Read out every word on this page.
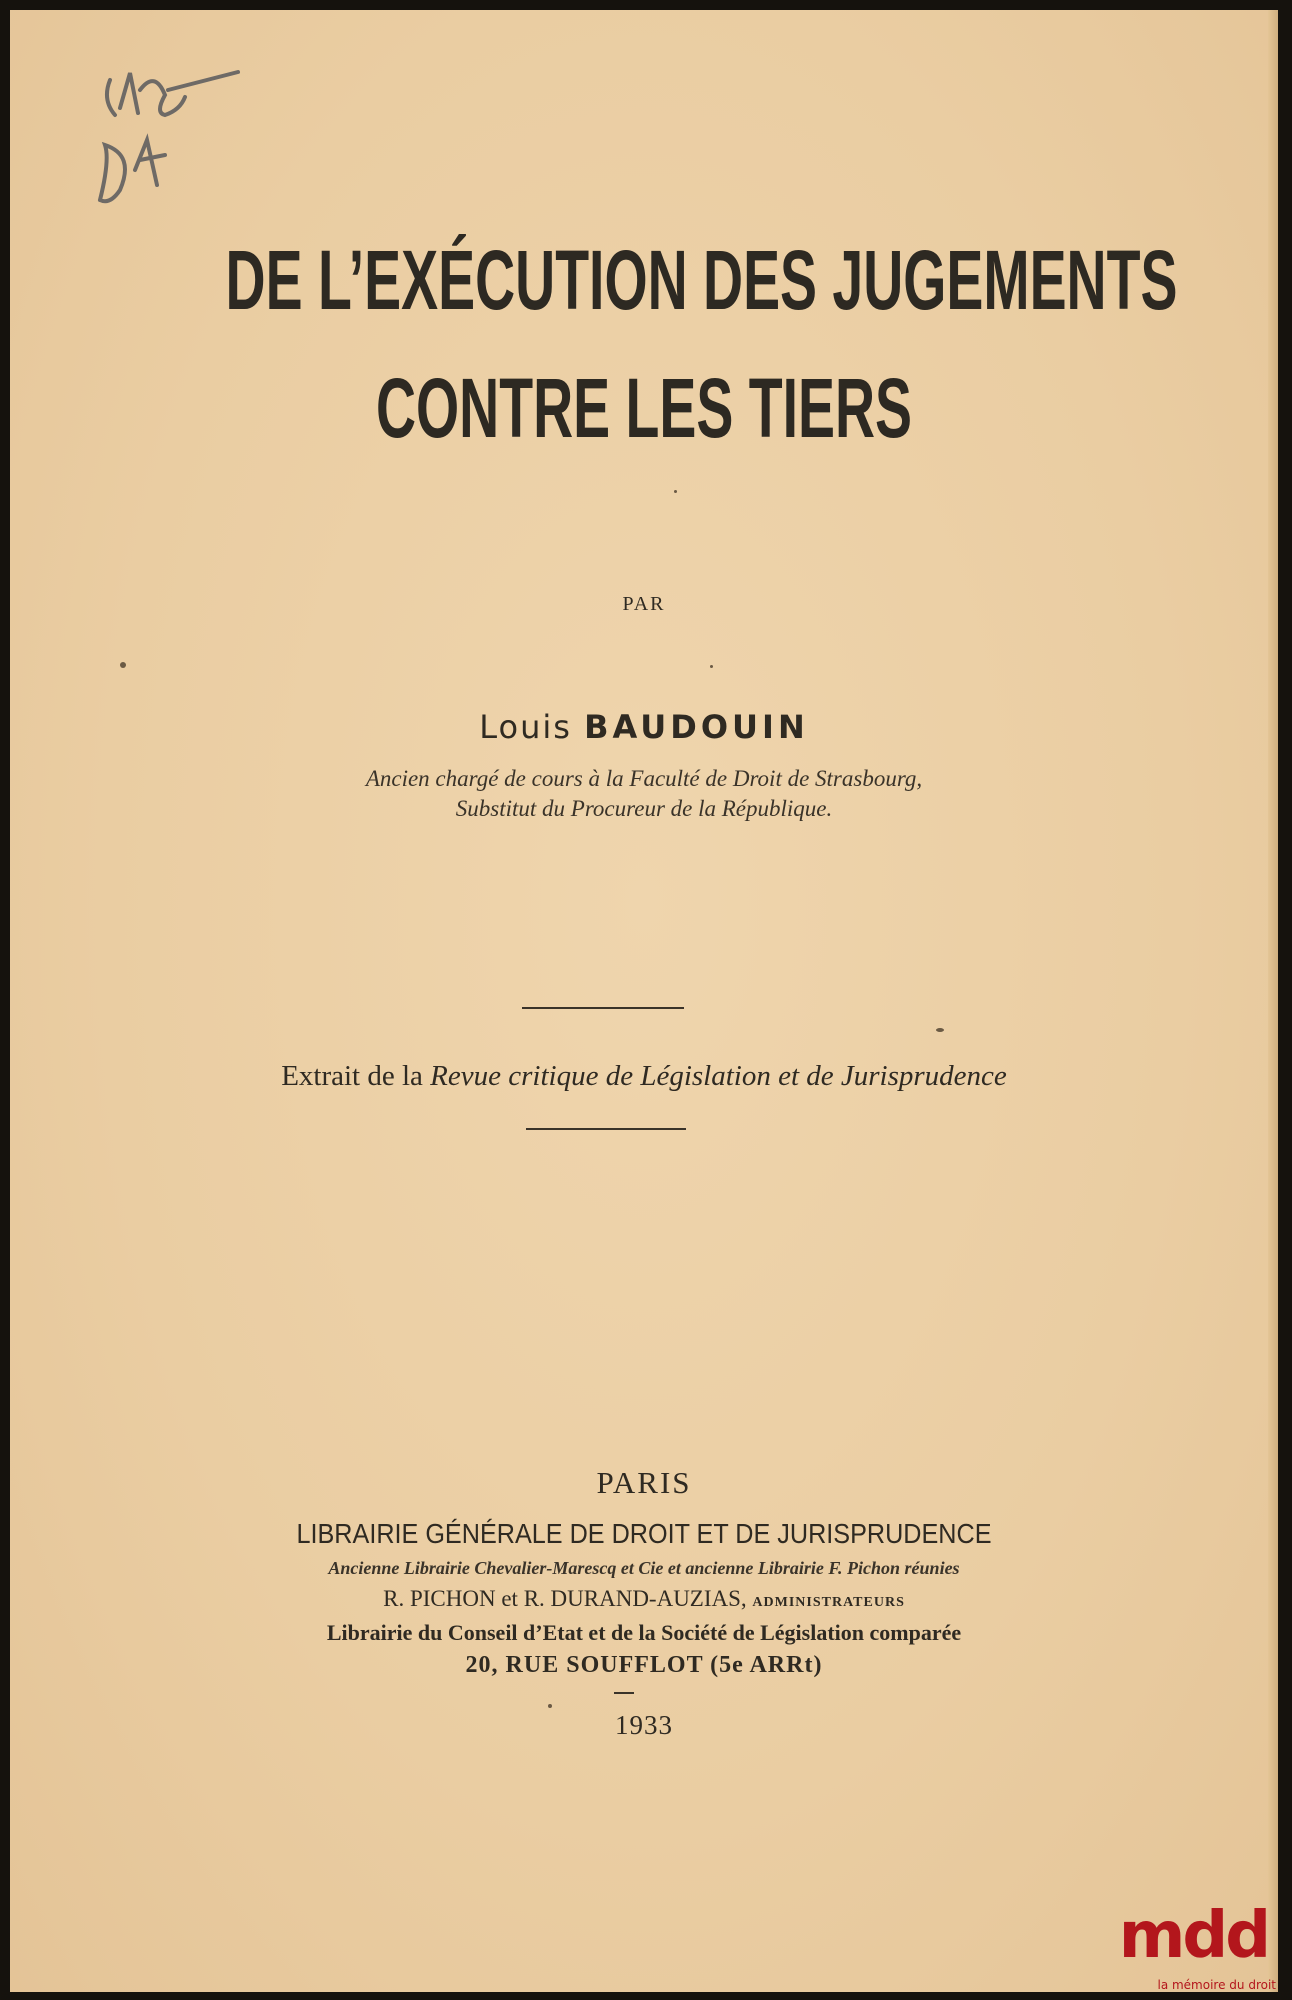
DE L’EXÉCUTION DES JUGEMENTS
CONTRE LES TIERS
PAR
Louis BAUDOUIN
Ancien chargé de cours à la Faculté de Droit de Strasbourg,
Substitut du Procureur de la République.
Extrait de la Revue critique de Législation et de Jurisprudence
PARIS
LIBRAIRIE GÉNÉRALE DE DROIT ET DE JURISPRUDENCE
Ancienne Librairie Chevalier-Marescq et Cie et ancienne Librairie F. Pichon réunies
R. PICHON et R. DURAND-AUZIAS, ADMINISTRATEURS
Librairie du Conseil d’Etat et de la Société de Législation comparée
20, RUE SOUFFLOT (5e ARRt)
1933
mdd
la mémoire du droit
